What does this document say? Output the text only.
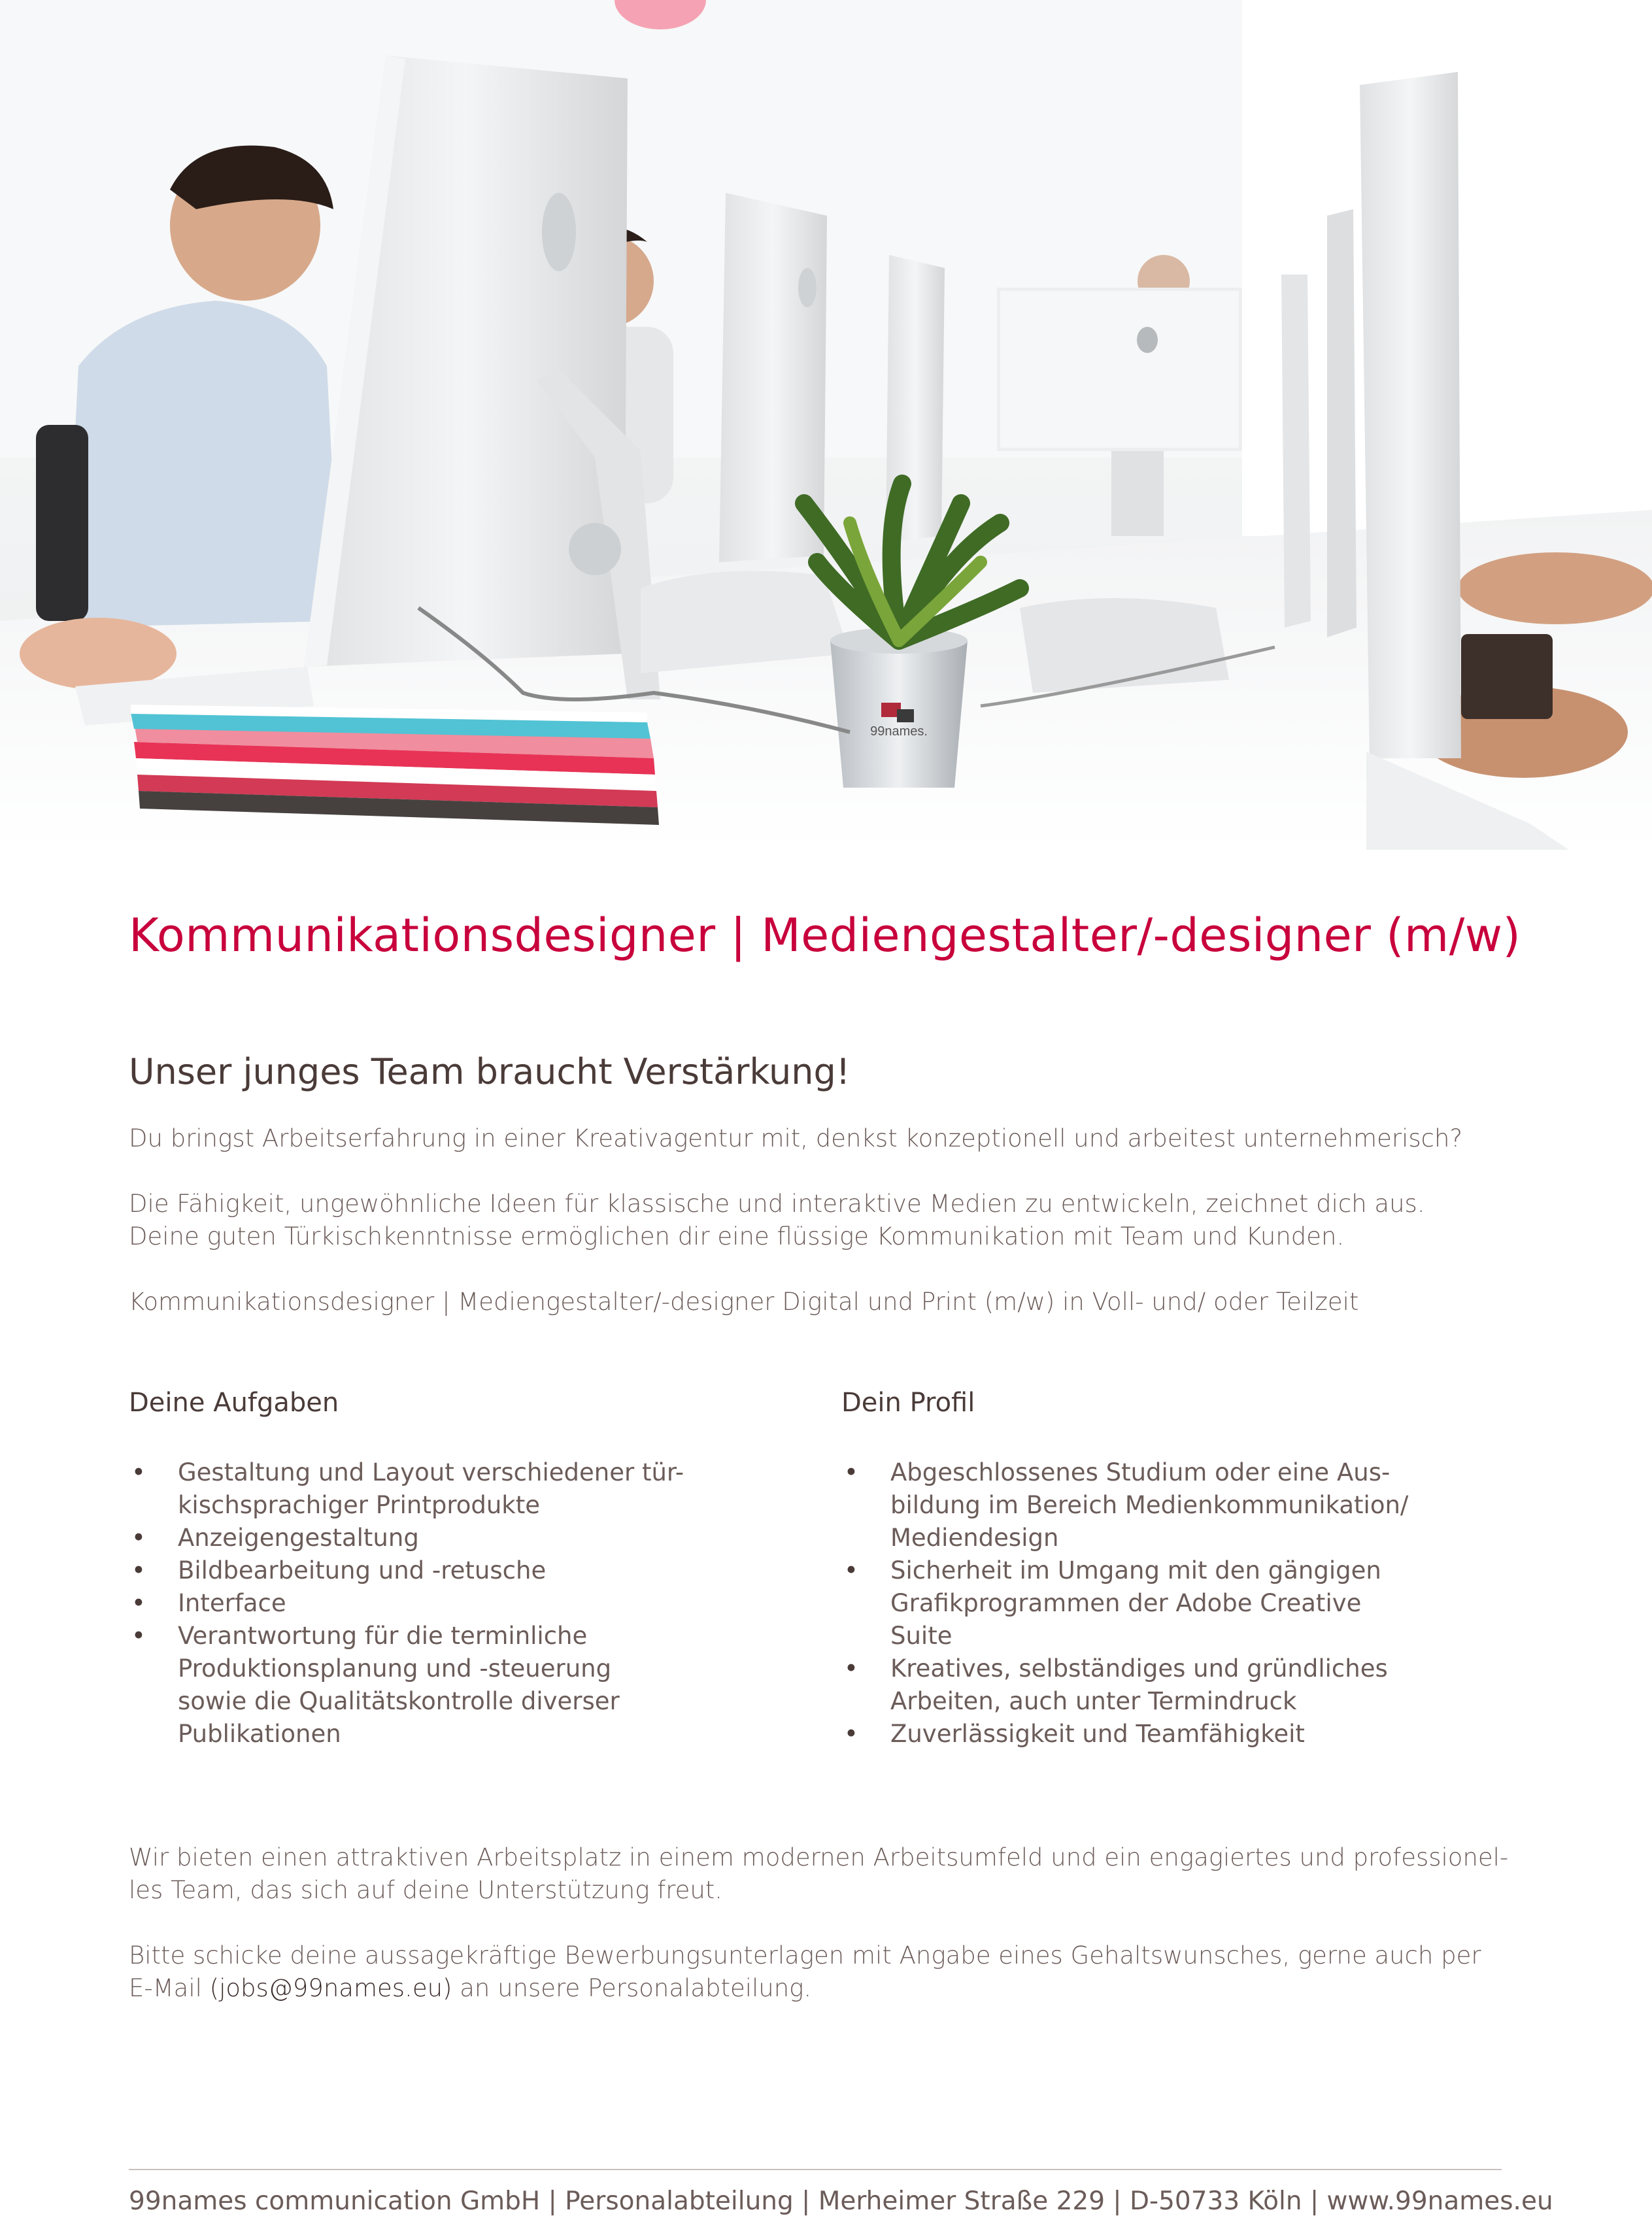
99names.
Kommunikationsdesigner | Mediengestalter/-designer (m/w)
Unser junges Team braucht Verstärkung!

Du bringst Arbeitserfahrung in einer Kreativagentur mit, denkst konzeptionell und arbeitest unternehmerisch?

Die Fähigkeit, ungewöhnliche Ideen für klassische und interaktive Medien zu entwickeln, zeichnet dich aus.

Deine guten Türkischkenntnisse ermöglichen dir eine flüssige Kommunikation mit Team und Kunden.

Kommunikationsdesigner | Mediengestalter/-designer Digital und Print (m/w) in Voll- und/ oder Teilzeit

Deine Aufgaben	Dein Profil
• Gestaltung und Layout verschiedener tür-
kischsprachiger Printprodukte
• Anzeigengestaltung
• Bildbearbeitung und -retusche
• Interface
• Verantwortung für die terminliche
Produktionsplanung und -steuerung
sowie die Qualitätskontrolle diverser
Publikationen
• Abgeschlossenes Studium oder eine Aus-
bildung im Bereich Medienkommunikation/
Mediendesign
• Sicherheit im Umgang mit den gängigen
Grafikprogrammen der Adobe Creative
Suite
• Kreatives, selbständiges und gründliches
Arbeiten, auch unter Termindruck
• Zuverlässigkeit und Teamfähigkeit

Wir bieten einen attraktiven Arbeitsplatz in einem modernen Arbeitsumfeld und ein engagiertes und professionel-

les Team, das sich auf deine Unterstützung freut.

Bitte schicke deine aussagekräftige Bewerbungsunterlagen mit Angabe eines Gehaltswunsches, gerne auch per

E-Mail (jobs@99names.eu) an unsere Personalabteilung.

99names communication GmbH | Personalabteilung | Merheimer Straße 229 | D-50733 Köln | www.99names.eu
